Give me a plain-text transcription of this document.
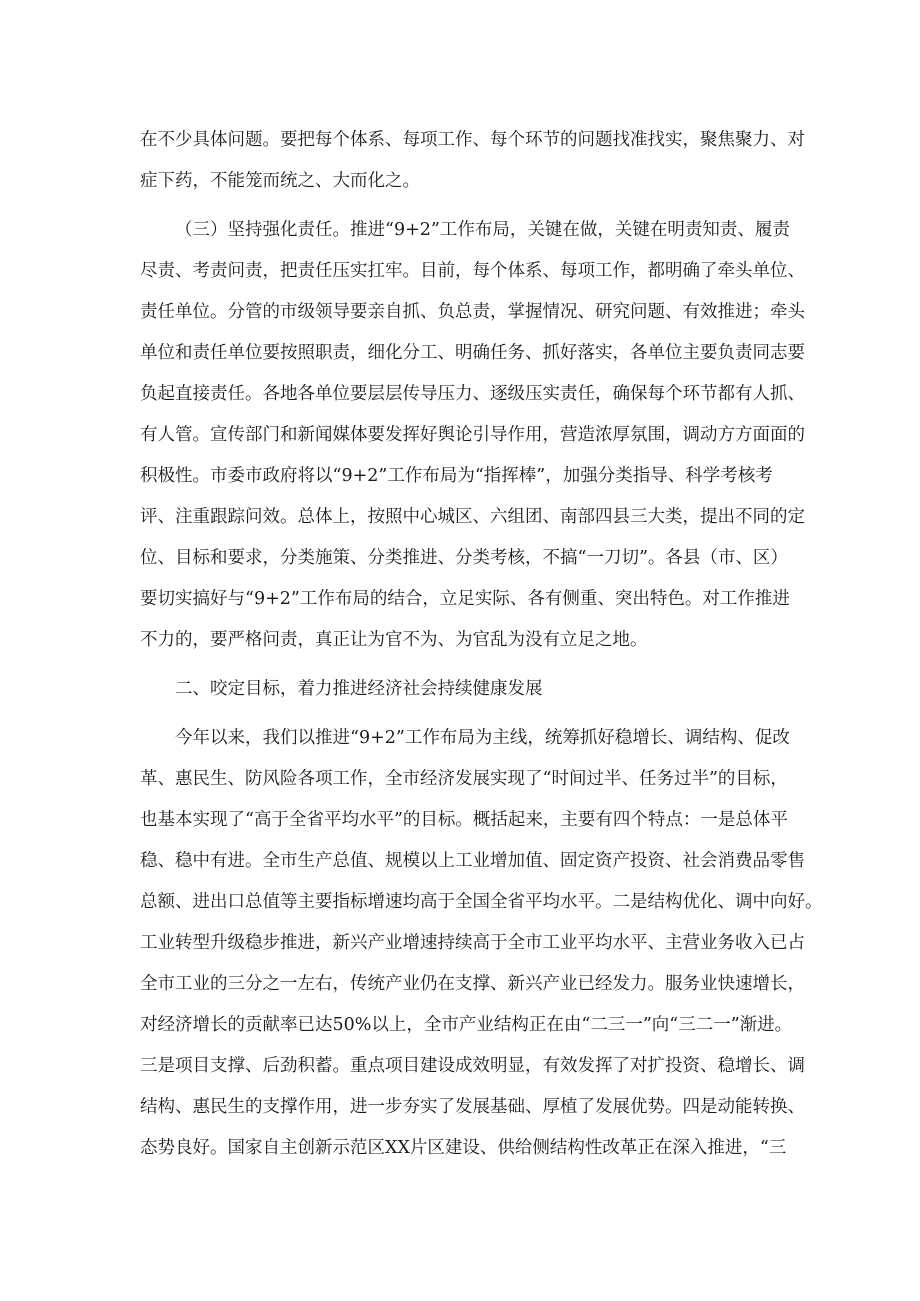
在不少具体问题。要把每个体系、每项工作、每个环节的问题找准找实，聚焦聚力、对
症下药，不能笼而统之、大而化之。
（三）坚持强化责任。推进“9+2”工作布局，关键在做，关键在明责知责、履责
尽责、考责问责，把责任压实扛牢。目前，每个体系、每项工作，都明确了牵头单位、
责任单位。分管的市级领导要亲自抓、负总责，掌握情况、研究问题、有效推进；牵头
单位和责任单位要按照职责，细化分工、明确任务、抓好落实，各单位主要负责同志要
负起直接责任。各地各单位要层层传导压力、逐级压实责任，确保每个环节都有人抓、
有人管。宣传部门和新闻媒体要发挥好舆论引导作用，营造浓厚氛围，调动方方面面的
积极性。市委市政府将以“9+2”工作布局为“指挥棒”，加强分类指导、科学考核考
评、注重跟踪问效。总体上，按照中心城区、六组团、南部四县三大类，提出不同的定
位、目标和要求，分类施策、分类推进、分类考核，不搞“一刀切”。各县（市、区）
要切实搞好与“9+2”工作布局的结合，立足实际、各有侧重、突出特色。对工作推进
不力的，要严格问责，真正让为官不为、为官乱为没有立足之地。
二、咬定目标，着力推进经济社会持续健康发展
今年以来，我们以推进“9+2”工作布局为主线，统筹抓好稳增长、调结构、促改
革、惠民生、防风险各项工作，全市经济发展实现了“时间过半、任务过半”的目标，
也基本实现了“高于全省平均水平”的目标。概括起来，主要有四个特点：一是总体平
稳、稳中有进。全市生产总值、规模以上工业增加值、固定资产投资、社会消费品零售
总额、进出口总值等主要指标增速均高于全国全省平均水平。二是结构优化、调中向好。
工业转型升级稳步推进，新兴产业增速持续高于全市工业平均水平、主营业务收入已占
全市工业的三分之一左右，传统产业仍在支撑、新兴产业已经发力。服务业快速增长，
对经济增长的贡献率已达50%以上，全市产业结构正在由“二三一”向“三二一”渐进。
三是项目支撑、后劲积蓄。重点项目建设成效明显，有效发挥了对扩投资、稳增长、调
结构、惠民生的支撑作用，进一步夯实了发展基础、厚植了发展优势。四是动能转换、
态势良好。国家自主创新示范区XX片区建设、供给侧结构性改革正在深入推进，“三
